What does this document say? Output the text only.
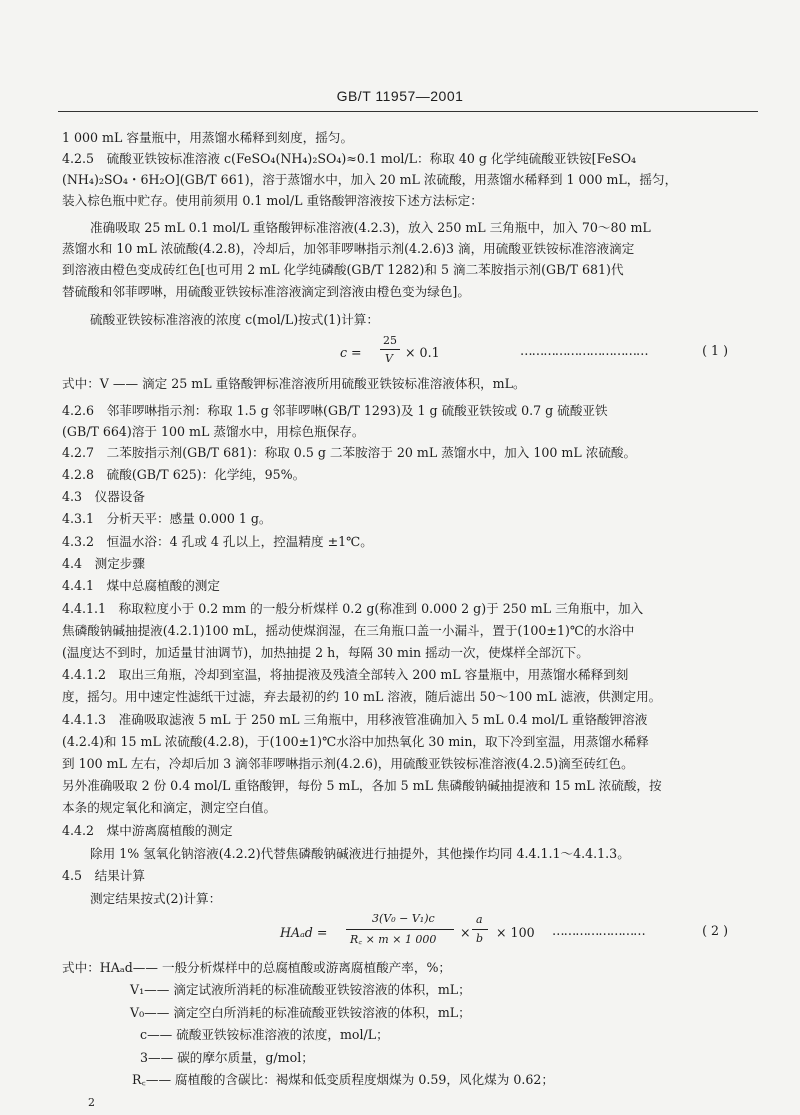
GB/T 11957—2001
1 000 mL 容量瓶中，用蒸馏水稀释到刻度，摇匀。
4.2.5　硫酸亚铁铵标准溶液 c(FeSO₄(NH₄)₂SO₄)≈0.1 mol/L：称取 40 g 化学纯硫酸亚铁铵[FeSO₄
(NH₄)₂SO₄・6H₂O](GB/T 661)，溶于蒸馏水中，加入 20 mL 浓硫酸，用蒸馏水稀释到 1 000 mL，摇匀，
装入棕色瓶中贮存。使用前须用 0.1 mol/L 重铬酸钾溶液按下述方法标定：
准确吸取 25 mL 0.1 mol/L 重铬酸钾标准溶液(4.2.3)，放入 250 mL 三角瓶中，加入 70～80 mL
蒸馏水和 10 mL 浓硫酸(4.2.8)，冷却后，加邻菲啰啉指示剂(4.2.6)3 滴，用硫酸亚铁铵标准溶液滴定
到溶液由橙色变成砖红色[也可用 2 mL 化学纯磷酸(GB/T 1282)和 5 滴二苯胺指示剂(GB/T 681)代
替硫酸和邻菲啰啉，用硫酸亚铁铵标准溶液滴定到溶液由橙色变为绿色]。
硫酸亚铁铵标准溶液的浓度 c(mol/L)按式(1)计算：
c =
25
V × 0.1	……………………………	( 1 )
式中：V —— 滴定 25 mL 重铬酸钾标准溶液所用硫酸亚铁铵标准溶液体积，mL。
4.2.6　邻菲啰啉指示剂：称取 1.5 g 邻菲啰啉(GB/T 1293)及 1 g 硫酸亚铁铵或 0.7 g 硫酸亚铁
(GB/T 664)溶于 100 mL 蒸馏水中，用棕色瓶保存。
4.2.7　二苯胺指示剂(GB/T 681)：称取 0.5 g 二苯胺溶于 20 mL 蒸馏水中，加入 100 mL 浓硫酸。
4.2.8　硫酸(GB/T 625)：化学纯，95%。
4.3　仪器设备
4.3.1　分析天平：感量 0.000 1 g。
4.3.2　恒温水浴：4 孔或 4 孔以上，控温精度 ±1℃。
4.4　测定步骤
4.4.1　煤中总腐植酸的测定
4.4.1.1　称取粒度小于 0.2 mm 的一般分析煤样 0.2 g(称准到 0.000 2 g)于 250 mL 三角瓶中，加入
焦磷酸钠碱抽提液(4.2.1)100 mL，摇动使煤润湿，在三角瓶口盖一小漏斗，置于(100±1)℃的水浴中
(温度达不到时，加适量甘油调节)，加热抽提 2 h，每隔 30 min 摇动一次，使煤样全部沉下。
4.4.1.2　取出三角瓶，冷却到室温，将抽提液及残渣全部转入 200 mL 容量瓶中，用蒸馏水稀释到刻
度，摇匀。用中速定性滤纸干过滤，弃去最初的约 10 mL 溶液，随后滤出 50～100 mL 滤液，供测定用。
4.4.1.3　准确吸取滤液 5 mL 于 250 mL 三角瓶中，用移液管准确加入 5 mL 0.4 mol/L 重铬酸钾溶液
(4.2.4)和 15 mL 浓硫酸(4.2.8)，于(100±1)℃水浴中加热氧化 30 min，取下冷到室温，用蒸馏水稀释
到 100 mL 左右，冷却后加 3 滴邻菲啰啉指示剂(4.2.6)，用硫酸亚铁铵标准溶液(4.2.5)滴至砖红色。
另外准确吸取 2 份 0.4 mol/L 重铬酸钾，每份 5 mL，各加 5 mL 焦磷酸钠碱抽提液和 15 mL 浓硫酸，按
本条的规定氧化和滴定，测定空白值。
4.4.2　煤中游离腐植酸的测定
除用 1% 氢氧化钠溶液(4.2.2)代替焦磷酸钠碱液进行抽提外，其他操作均同 4.4.1.1～4.4.1.3。
4.5　结果计算
测定结果按式(2)计算：
HAₐd =
3(V₀ − V₁)c
R꜀ × m × 1 000 ×
a
b × 100 ……………………	( 2 )
式中：HAₐd—— 一般分析煤样中的总腐植酸或游离腐植酸产率，%；
V₁—— 滴定试液所消耗的标准硫酸亚铁铵溶液的体积，mL；
V₀—— 滴定空白所消耗的标准硫酸亚铁铵溶液的体积，mL；
c—— 硫酸亚铁铵标准溶液的浓度，mol/L；
3—— 碳的摩尔质量，g/mol；
R꜀—— 腐植酸的含碳比：褐煤和低变质程度烟煤为 0.59，风化煤为 0.62；
2
